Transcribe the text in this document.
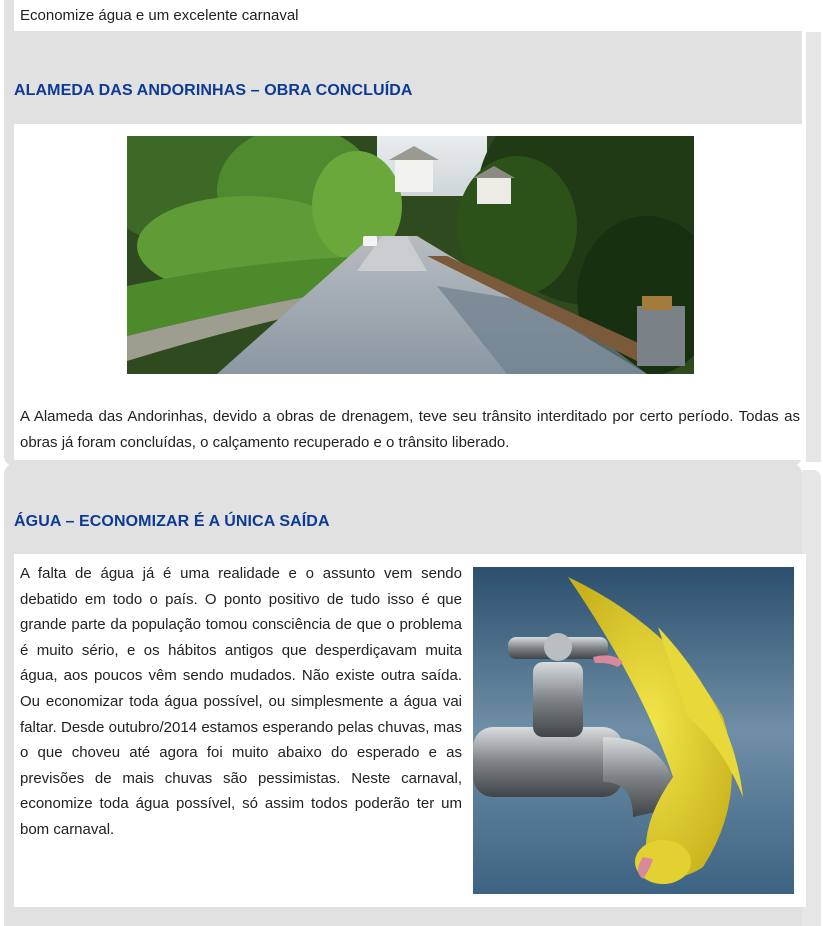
Economize água e um excelente carnaval

ALAMEDA DAS ANDORINHAS – OBRA CONCLUÍDA

A Alameda das Andorinhas, devido a obras de drenagem, teve seu trânsito interditado por certo período. Todas as obras já foram concluídas, o calçamento recuperado e o trânsito liberado.

ÁGUA – ECONOMIZAR É A ÚNICA SAÍDA

A falta de água já é uma realidade e o assunto vem sendo debatido em todo o país. O ponto positivo de tudo isso é que grande parte da população tomou consciência de que o problema é muito sério, e os hábitos antigos que desperdiçavam muita água, aos poucos vêm sendo mudados. Não existe outra saída. Ou economizar toda água possível, ou simplesmente a água vai faltar. Desde outubro/2014 estamos esperando pelas chuvas, mas o que choveu até agora foi muito abaixo do esperado e as previsões de mais chuvas são pessimistas. Neste carnaval, economize toda água possível, só assim todos poderão ter um bom carnaval.
